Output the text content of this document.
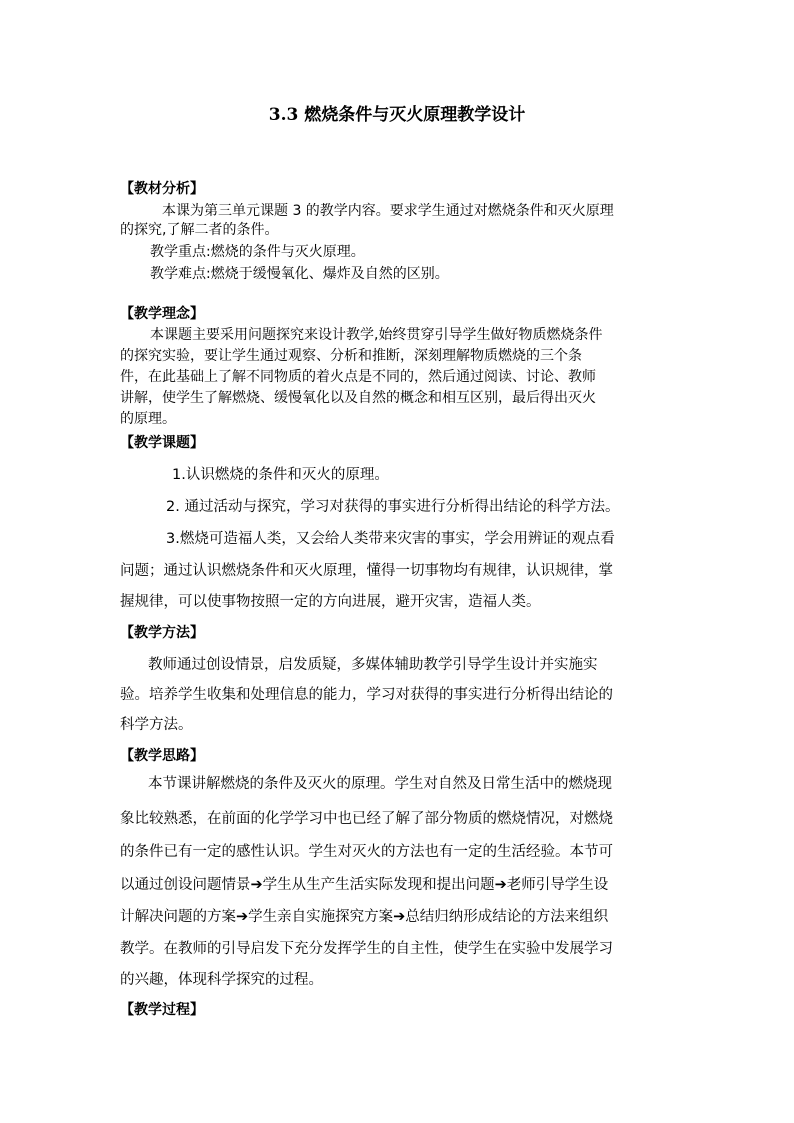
3.3 燃烧条件与灭火原理教学设计
【教材分析】
本课为第三单元课题 3 的教学内容。要求学生通过对燃烧条件和灭火原理
的探究,了解二者的条件。
教学重点:燃烧的条件与灭火原理。
教学难点:燃烧于缓慢氧化、爆炸及自然的区别。
【教学理念】
本课题主要采用问题探究来设计教学,始终贯穿引导学生做好物质燃烧条件
的探究实验，要让学生通过观察、分析和推断，深刻理解物质燃烧的三个条
件，在此基础上了解不同物质的着火点是不同的，然后通过阅读、讨论、教师
讲解，使学生了解燃烧、缓慢氧化以及自然的概念和相互区别，最后得出灭火
的原理。
【教学课题】
1.认识燃烧的条件和灭火的原理。
2. 通过活动与探究，学习对获得的事实进行分析得出结论的科学方法。
3.燃烧可造福人类，又会给人类带来灾害的事实，学会用辨证的观点看
问题；通过认识燃烧条件和灭火原理，懂得一切事物均有规律，认识规律，掌
握规律，可以使事物按照一定的方向进展，避开灾害，造福人类。
【教学方法】
教师通过创设情景，启发质疑，多媒体辅助教学引导学生设计并实施实
验。培养学生收集和处理信息的能力，学习对获得的事实进行分析得出结论的
科学方法。
【教学思路】
本节课讲解燃烧的条件及灭火的原理。学生对自然及日常生活中的燃烧现
象比较熟悉，在前面的化学学习中也已经了解了部分物质的燃烧情况，对燃烧
的条件已有一定的感性认识。学生对灭火的方法也有一定的生活经验。本节可
以通过创设问题情景➔学生从生产生活实际发现和提出问题➔老师引导学生设
计解决问题的方案➔学生亲自实施探究方案➔总结归纳形成结论的方法来组织
教学。在教师的引导启发下充分发挥学生的自主性，使学生在实验中发展学习
的兴趣，体现科学探究的过程。
【教学过程】
